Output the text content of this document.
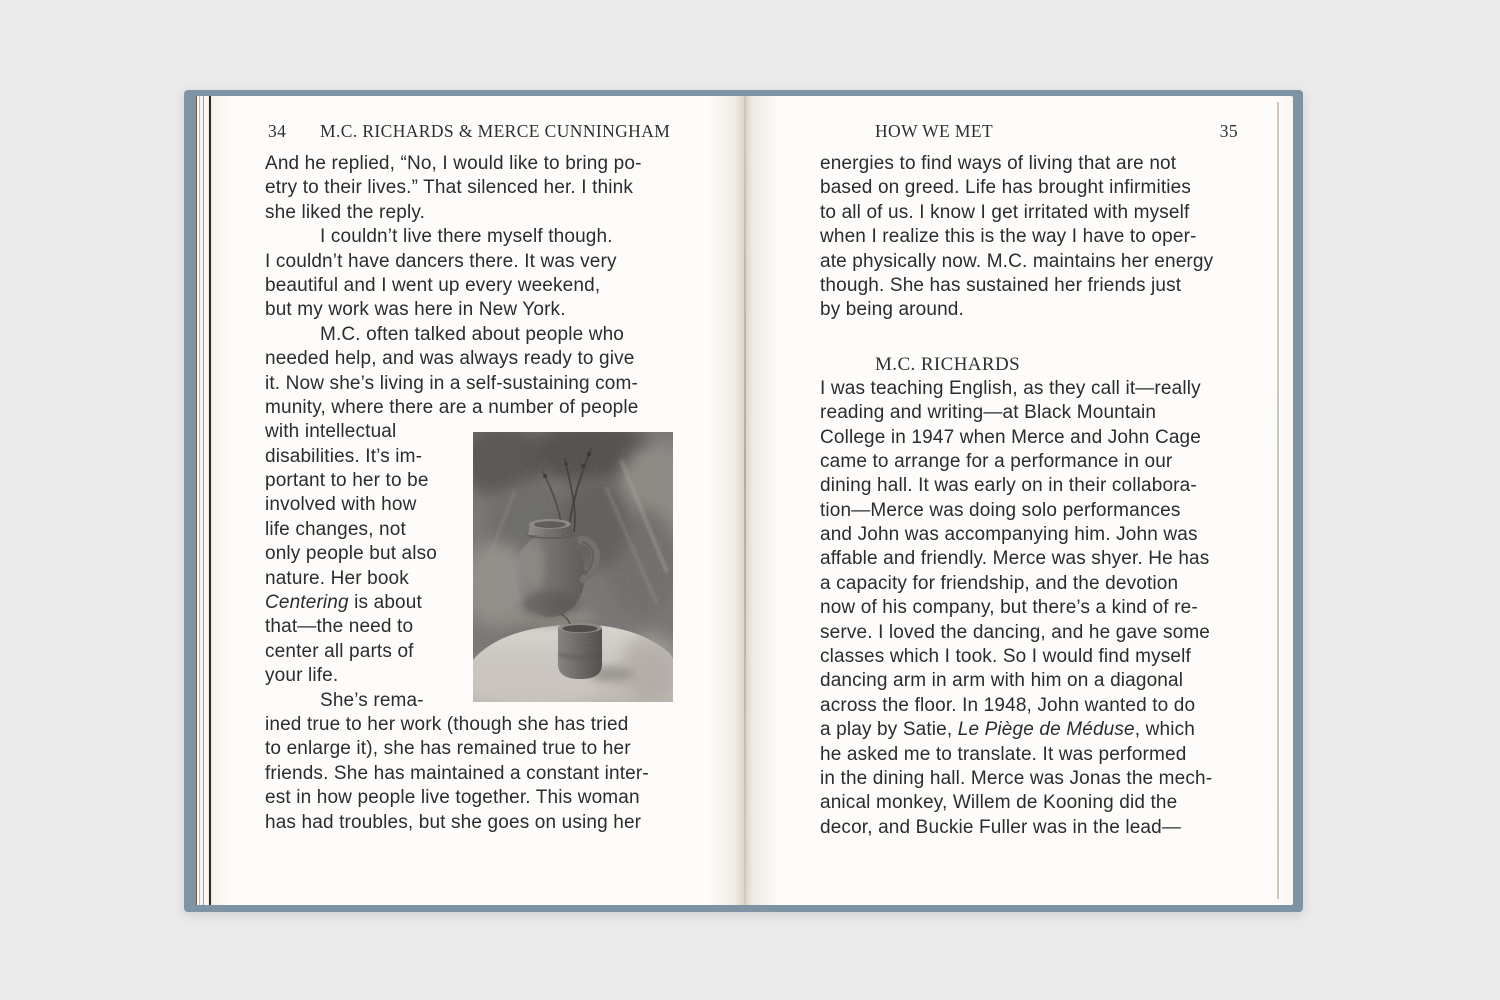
34 M.C. RICHARDS & MERCE CUNNINGHAM
And he replied, “No, I would like to bring po-
etry to their lives.” That silenced her. I think
she liked the reply.
I couldn’t live there myself though.
I couldn’t have dancers there. It was very
beautiful and I went up every weekend,
but my work was here in New York.
M.C. often talked about people who
needed help, and was always ready to give
it. Now she’s living in a self-sustaining com-
munity, where there are a number of people
with intellectual
disabilities. It’s im-
portant to her to be
involved with how
life changes, not
only people but also
nature. Her book
Centering is about
that—the need to
center all parts of
your life.
She’s rema-
ined true to her work (though she has tried
to enlarge it), she has remained true to her
friends. She has maintained a constant inter-
est in how people live together. This woman
has had troubles, but she goes on using her
HOW WE MET	35
energies to find ways of living that are not
based on greed. Life has brought infirmities
to all of us. I know I get irritated with myself
when I realize this is the way I have to oper-
ate physically now. M.C. maintains her energy
though. She has sustained her friends just
by being around.
M.C. RICHARDS
I was teaching English, as they call it—really
reading and writing—at Black Mountain
College in 1947 when Merce and John Cage
came to arrange for a performance in our
dining hall. It was early on in their collabora-
tion—Merce was doing solo performances
and John was accompanying him. John was
affable and friendly. Merce was shyer. He has
a capacity for friendship, and the devotion
now of his company, but there’s a kind of re-
serve. I loved the dancing, and he gave some
classes which I took. So I would find myself
dancing arm in arm with him on a diagonal
across the floor. In 1948, John wanted to do
a play by Satie, Le Piège de Méduse, which
he asked me to translate. It was performed
in the dining hall. Merce was Jonas the mech-
anical monkey, Willem de Kooning did the
decor, and Buckie Fuller was in the lead—
